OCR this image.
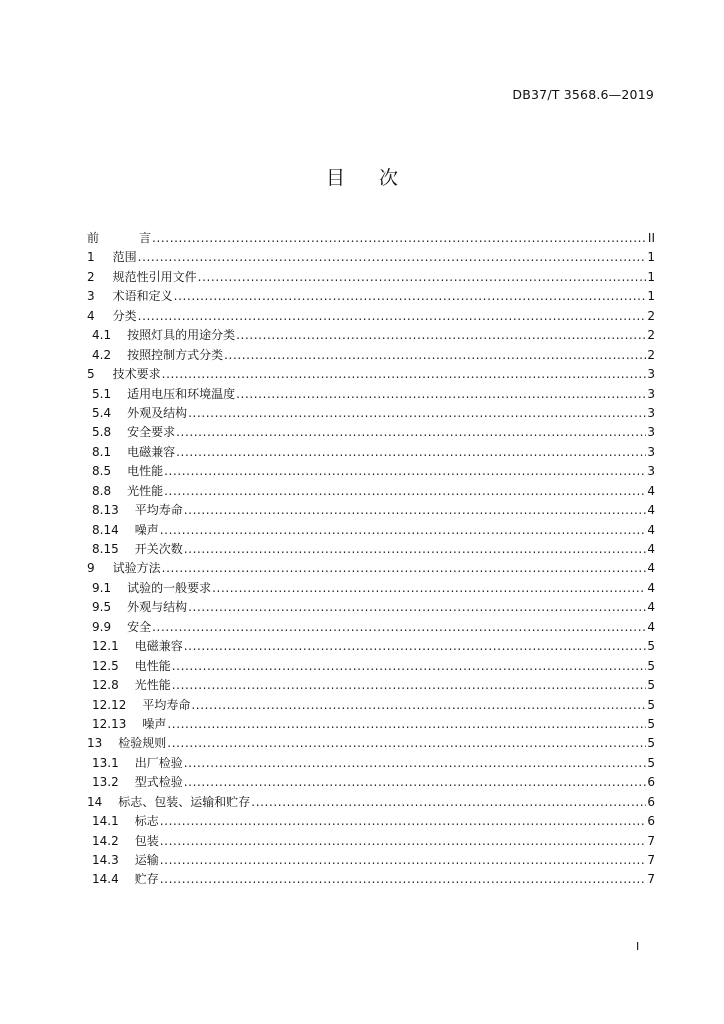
DB37/T 3568.6—2019
目 次
前	言 .....	II
1 范围 .....	1
2 规范性引用文件 .....	1
3 术语和定义 .....	1
4 分类 .....	2
4.1 按照灯具的用途分类 .....	2
4.2 按照控制方式分类 .....	2
5 技术要求 .....	3
5.1 适用电压和环境温度 .....	3
5.4 外观及结构 .....	3
5.8 安全要求 .....	3
8.1 电磁兼容 .....	3
8.5 电性能 .....	3
8.8 光性能 .....	4
8.13 平均寿命 .....	4
8.14 噪声 .....	4
8.15 开关次数 .....	4
9 试验方法 .....	4
9.1 试验的一般要求 .....	4
9.5 外观与结构 .....	4
9.9 安全 .....	4
12.1 电磁兼容 .....	5
12.5 电性能 .....	5
12.8 光性能 .....	5
12.12 平均寿命 .....	5
12.13 噪声 .....	5
13 检验规则 .....	5
13.1 出厂检验 .....	5
13.2 型式检验 .....	6
14 标志、包装、运输和贮存 .....	6
14.1 标志 .....	6
14.2 包装 .....	7
14.3 运输 .....	7
14.4 贮存 .....	7
I
